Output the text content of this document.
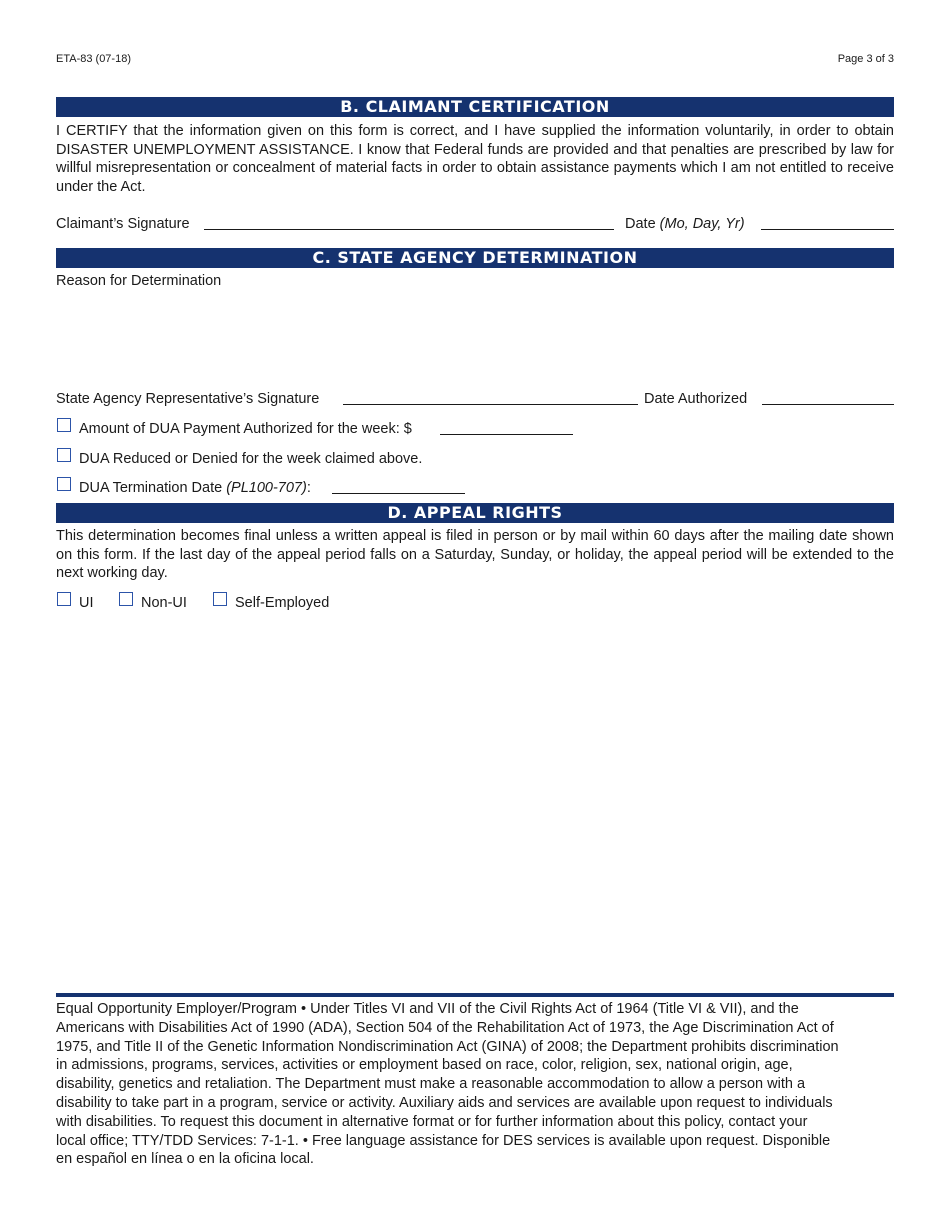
ETA-83 (07-18)	Page 3 of 3
B. CLAIMANT CERTIFICATION
I CERTIFY that the information given on this form is correct, and I have supplied the information voluntarily, in order to obtain DISASTER UNEMPLOYMENT ASSISTANCE. I know that Federal funds are provided and that penalties are prescribed by law for willful misrepresentation or concealment of material facts in order to obtain assistance payments which I am not entitled to receive under the Act.
Claimant’s Signature	Date (Mo, Day, Yr)
C. STATE AGENCY DETERMINATION
Reason for Determination
State Agency Representative’s Signature	Date Authorized
Amount of DUA Payment Authorized for the week: $
DUA Reduced or Denied for the week claimed above.
DUA Termination Date (PL100-707):
D. APPEAL RIGHTS
This determination becomes final unless a written appeal is filed in person or by mail within 60 days after the mailing date shown on this form. If the last day of the appeal period falls on a Saturday, Sunday, or holiday, the appeal period will be extended to the next working day.
UI	Non-UI	Self-Employed
Equal Opportunity Employer/Program • Under Titles VI and VII of the Civil Rights Act of 1964 (Title VI & VII), and the
Americans with Disabilities Act of 1990 (ADA), Section 504 of the Rehabilitation Act of 1973, the Age Discrimination Act of
1975, and Title II of the Genetic Information Nondiscrimination Act (GINA) of 2008; the Department prohibits discrimination
in admissions, programs, services, activities or employment based on race, color, religion, sex, national origin, age,
disability, genetics and retaliation. The Department must make a reasonable accommodation to allow a person with a
disability to take part in a program, service or activity. Auxiliary aids and services are available upon request to individuals
with disabilities. To request this document in alternative format or for further information about this policy, contact your
local office; TTY/TDD Services: 7-1-1. • Free language assistance for DES services is available upon request. Disponible
en español en línea o en la oficina local.
